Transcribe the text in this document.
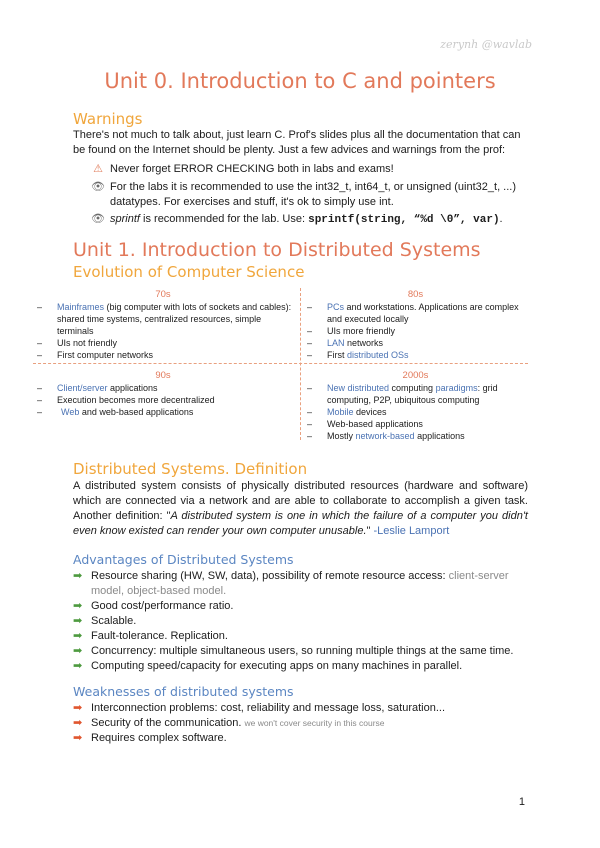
zerynh @wavlab
Unit 0. Introduction to C and pointers
Warnings
There's not much to talk about, just learn C. Prof's slides plus all the documentation that can be found on the Internet should be plenty. Just a few advices and warnings from the prof:
⚠ Never forget ERROR CHECKING both in labs and exams!
👁 For the labs it is recommended to use the int32_t, int64_t, or unsigned (uint32_t, ...) datatypes. For exercises and stuff, it's ok to simply use int.
👁 sprintf is recommended for the lab. Use: sprintf(string, “%d \0”, var).
Unit 1. Introduction to Distributed Systems
Evolution of Computer Science
70s
– Mainframes (big computer with lots of sockets and cables): shared time systems, centralized resources, simple terminals
– UIs not friendly
– First computer networks
80s
– PCs and workstations. Applications are complex and executed locally
– UIs more friendly
– LAN networks
– First distributed OSs
90s
– Client/server applications
– Execution becomes more decentralized
– Web and web-based applications
2000s
– New distributed computing paradigms: grid computing, P2P, ubiquitous computing
– Mobile devices
– Web-based applications
– Mostly network-based applications
Distributed Systems. Definition
A distributed system consists of physically distributed resources (hardware and software) which are connected via a network and are able to collaborate to accomplish a given task. Another definition: "A distributed system is one in which the failure of a computer you didn't even know existed can render your own computer unusable." -Leslie Lamport
Advantages of Distributed Systems
➡ Resource sharing (HW, SW, data), possibility of remote resource access: client-server model, object-based model.
➡ Good cost/performance ratio.
➡ Scalable.
➡ Fault-tolerance. Replication.
➡ Concurrency: multiple simultaneous users, so running multiple things at the same time.
➡ Computing speed/capacity for executing apps on many machines in parallel.
Weaknesses of distributed systems
➡ Interconnection problems: cost, reliability and message loss, saturation...
➡ Security of the communication. we won't cover security in this course
➡ Requires complex software.
1
